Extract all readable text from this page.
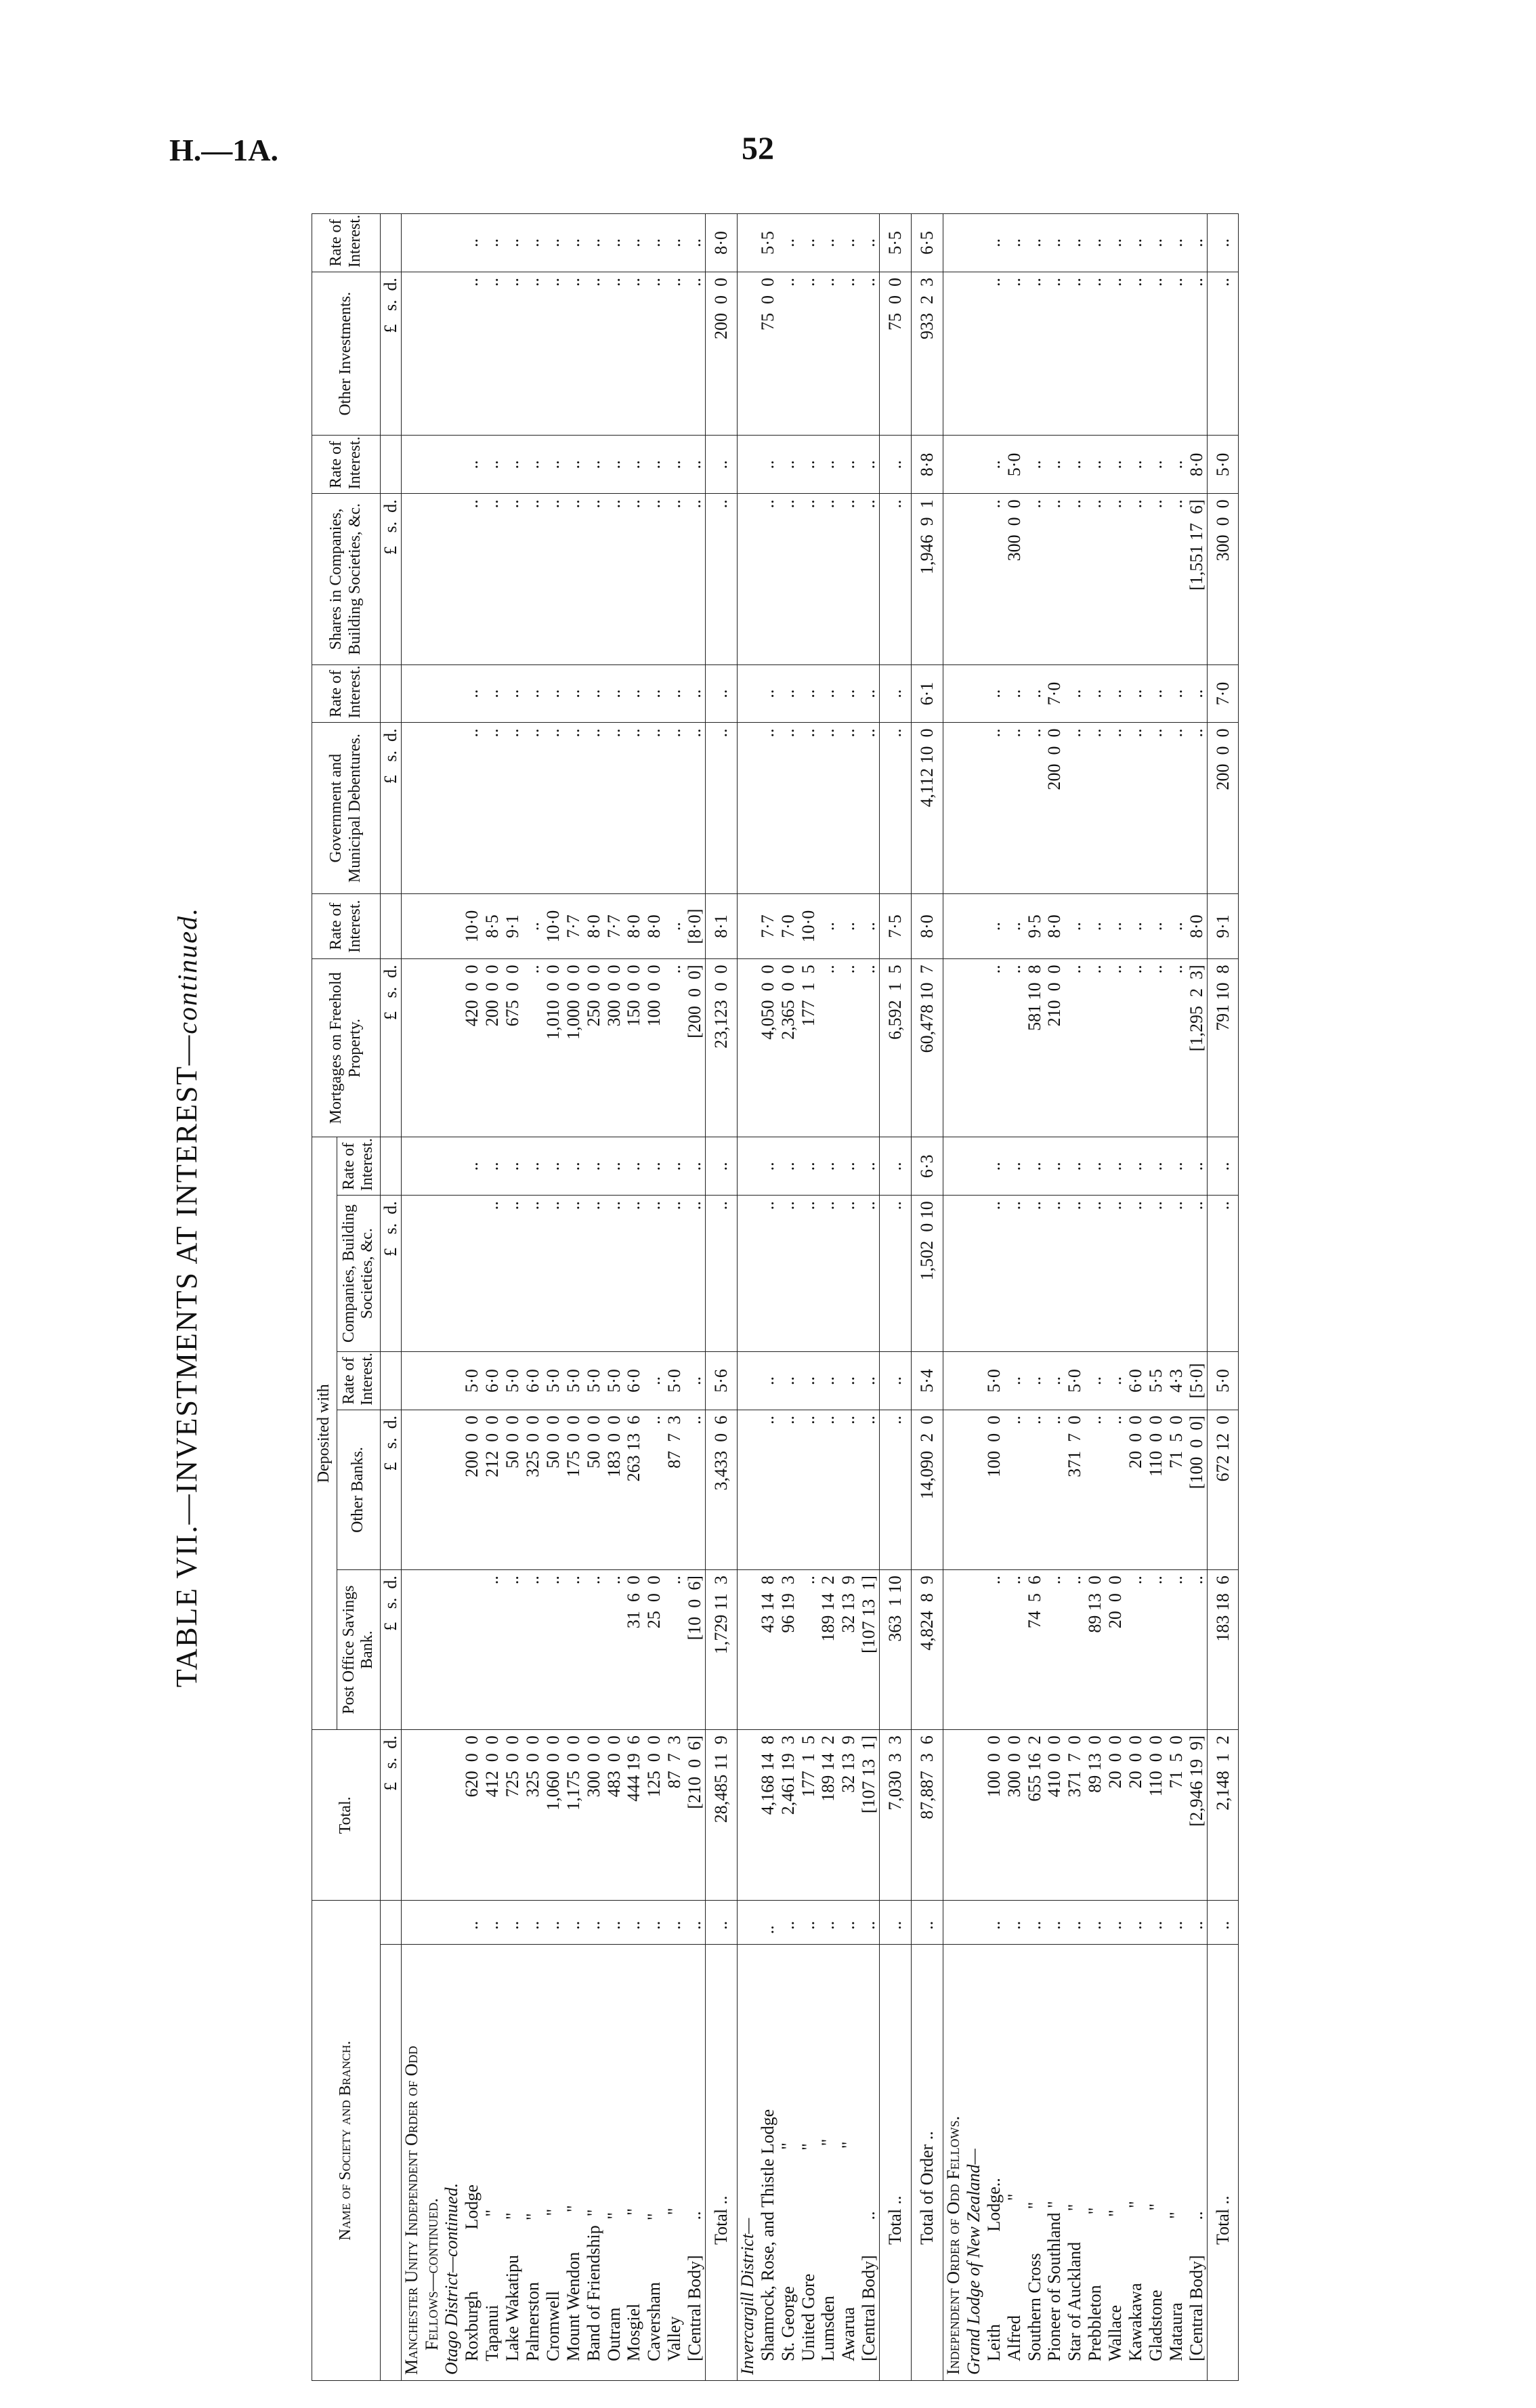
H.—1A.	52
TABLE VII.—INVESTMENTS AT INTEREST—continued.
Name of Society and Branch.		Total.	Deposited with					Mortgages on Freehold Property.	Rate of Interest.	Government and Municipal Debentures.	Rate of Interest.	Shares in Companies, Building Societies, &c.	Rate of Interest.	Other Investments.	Rate of Interest.
			Post Office Savings Bank.	Other Banks.	Rate of Interest.	Companies, Building Societies, &c.	Rate of Interest.								
		£   s.  d.	£   s.  d.	£   s.  d.		£   s.  d.		£   s.  d.		£   s.  d.		£   s.  d.		£   s.  d.	
Manchester Unity Independent Order of Odd															
Fellows—continued.															
Otago District—continued.															
Roxburgh              Lodge	..	620  0  0		200  0  0	5·0		..	420  0  0	10·0	..	..	..	..	..	..
Tapanui                    "	..	412  0  0	..	212  0  0	6·0	..	..	200  0  0	8·5	..	..	..	..	..	..
Lake Wakatipu        "	..	725  0  0	..	50  0  0	5·0	..	..	675  0  0	9·1	..	..	..	..	..	..
Palmerston              "	..	325  0  0	..	325  0  0	6·0	..	..	..	..	..	..	..	..	..	..
Cromwell                 "	..	1,060  0  0	..	50  0  0	5·0	..	..	1,010  0  0	10·0	..	..	..	..	..	..
Mount Wendon         "	..	1,175  0  0	..	175  0  0	5·0	..	..	1,000  0  0	7·7	..	..	..	..	..	..
Band of Friendship  "	..	300  0  0	..	50  0  0	5·0	..	..	250  0  0	8·0	..	..	..	..	..	..
Outram                    "	..	483  0  0	..	183  0  0	5·0	..	..	300  0  0	7·7	..	..	..	..	..	..
Mosgiel                    "	..	444 19  6	31  6  0	263 13  6	6·0	..	..	150  0  0	8·0	..	..	..	..	..	..
Caversham              "	..	125  0  0	25  0  0	..	..	..	..	100  0  0	8·0	..	..	..	..	..	..
Valley                       "	..	87  7  3	..	87  7  3	5·0	..	..	..	..	..	..	..	..	..	..
[Central Body]        ..	..	[210  0  6]	[10  0  6]	..	..	..	..	[200  0  0]	[8·0]	..	..	..	..	..	..
Total ..	..	28,485 11  9	1,729 11  3	3,433  0  6	5·6	..	..	23,123  0  0	8·1	..	..	..	..	200  0  0	8·0
Invercargill District—															
Shamrock, Rose, and Thistle Lodge	..	4,168 14  8	43 14  8	..	..	..	..	4,050  0  0	7·7	..	..	..	..	75  0  0	5·5
St. George                               "	..	2,461 19  3	96 19  3	..	..	..	..	2,365  0  0	7·0	..	..	..	..	..	..
United Gore                            "	..	177  1  5	..	..	..	..	..	177  1  5	10·0	..	..	..	..	..	..
Lumsden                                  "	..	189 14  2	189 14  2	..	..	..	..	..	..	..	..	..	..	..	..
Awarua                                    "	..	32 13  9	32 13  9	..	..	..	..	..	..	..	..	..	..	..	..
[Central Body]        ..	..	[107 13  1]	[107 13  1]	..	..	..	..	..	..	..	..	..	..	..	..
Total ..	..	7,030  3  3	363  1 10	..	..	..	..	6,592  1  5	7·5	..	..	..	..	75  0  0	5·5
Total of Order ..	..	87,887  3  6	4,824  8  9	14,090  2  0	5·4	1,502  0 10	6·3	60,478 10  7	8·0	4,112 10  0	6·1	1,946  9  1	8·8	933  2  3	6·5
Independent Order of Odd Fellows.															
Grand Lodge of New Zealand—															
Leith                     Lodge..	..	100  0  0	..	100  0  0	5·0	..	..	..	..	..	..	..	..	..	..
Alfred                          "	..	300  0  0	..	..	..	..	..	..	..	..	..	300  0  0	5·0	..	..
Southern Cross          "	..	655 16  2	74  5  6	..	..	..	..	581 10  8	9·5	..	..	..	..	..	..
Pioneer of Southland "	..	410  0  0	..	..	..	..	..	210  0  0	8·0	200  0  0	7·0	..	..	..	..
Star of Auckland       "	..	371  7  0	..	371  7  0	5·0	..	..	..	..	..	..	..	..	..	..
Prebbleton                "	..	89 13  0	89 13  0	..	..	..	..	..	..	..	..	..	..	..	..
Wallace                    "	..	20  0  0	20  0  0	..	..	..	..	..	..	..	..	..	..	..	..
Kawakawa                 "	..	20  0  0	..	20  0  0	6·0	..	..	..	..	..	..	..	..	..	..
Gladstone                  "	..	110  0  0	..	110  0  0	5·5	..	..	..	..	..	..	..	..	..	..
Mataura                   "	..	71  5  0	..	71  5  0	4·3	..	..	..	..	..	..	..	..	..	..
[Central Body]        ..	..	[2,946 19  9]	..	[100  0  0]	[5·0]	..	..	[1,295  2  3]	8·0	..	..	[1,551 17  6]	8·0	..	..
Total ..	..	2,148  1  2	183 18  6	672 12  0	5·0	..	..	791 10  8	9·1	200  0  0	7·0	300  0  0	5·0	..	..
